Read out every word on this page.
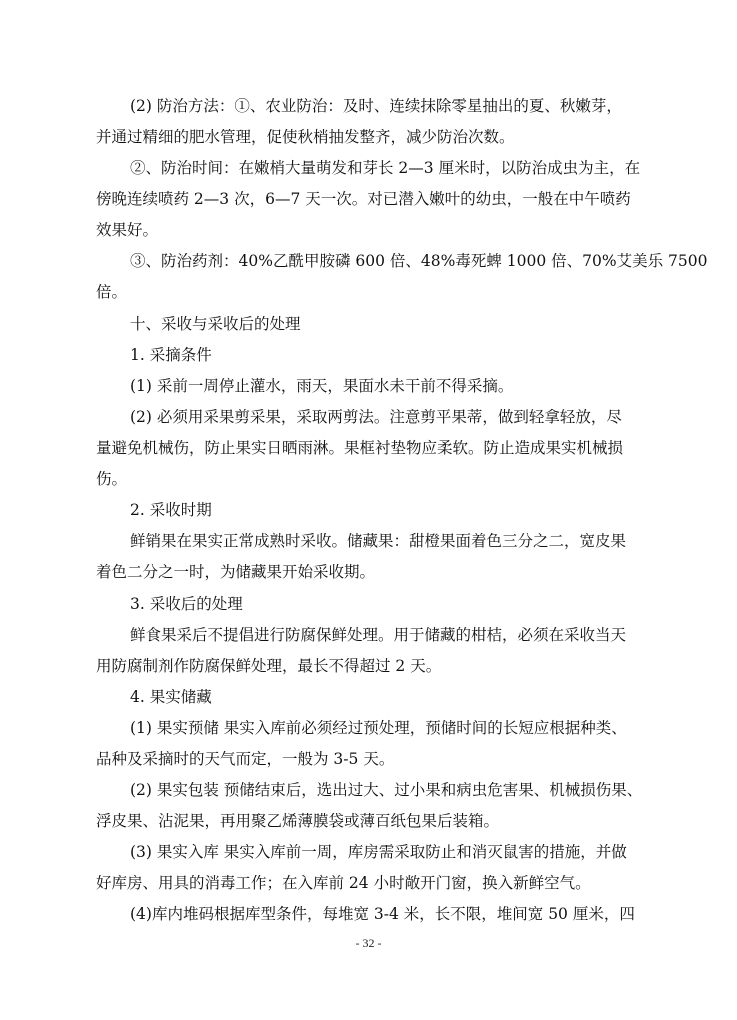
(2) 防治方法：①、农业防治：及时、连续抹除零星抽出的夏、秋嫩芽，
并通过精细的肥水管理，促使秋梢抽发整齐，减少防治次数。
②、防治时间：在嫩梢大量萌发和芽长 2—3 厘米时，以防治成虫为主，在
傍晚连续喷药 2—3 次，6—7 天一次。对已潜入嫩叶的幼虫，一般在中午喷药
效果好。
③、防治药剂：40%乙酰甲胺磷 600 倍、48%毒死蜱 1000 倍、70%艾美乐 7500
倍。
十、采收与采收后的处理
1. 采摘条件
(1) 采前一周停止灌水，雨天，果面水未干前不得采摘。
(2) 必须用采果剪采果，采取两剪法。注意剪平果蒂，做到轻拿轻放，尽
量避免机械伤，防止果实日晒雨淋。果框衬垫物应柔软。防止造成果实机械损
伤。
2. 采收时期
鲜销果在果实正常成熟时采收。储藏果：甜橙果面着色三分之二，宽皮果
着色二分之一时，为储藏果开始采收期。
3. 采收后的处理
鲜食果采后不提倡进行防腐保鲜处理。用于储藏的柑桔，必须在采收当天
用防腐制剂作防腐保鲜处理，最长不得超过 2 天。
4. 果实储藏
(1) 果实预储 果实入库前必须经过预处理，预储时间的长短应根据种类、
品种及采摘时的天气而定，一般为 3-5 天。
(2) 果实包装 预储结束后，选出过大、过小果和病虫危害果、机械损伤果、
浮皮果、沾泥果，再用聚乙烯薄膜袋或薄百纸包果后装箱。
(3) 果实入库 果实入库前一周，库房需采取防止和消灭鼠害的措施，并做
好库房、用具的消毒工作；在入库前 24 小时敞开门窗，换入新鲜空气。
(4)库内堆码根据库型条件，每堆宽 3-4 米，长不限，堆间宽 50 厘米，四
- 32 -
